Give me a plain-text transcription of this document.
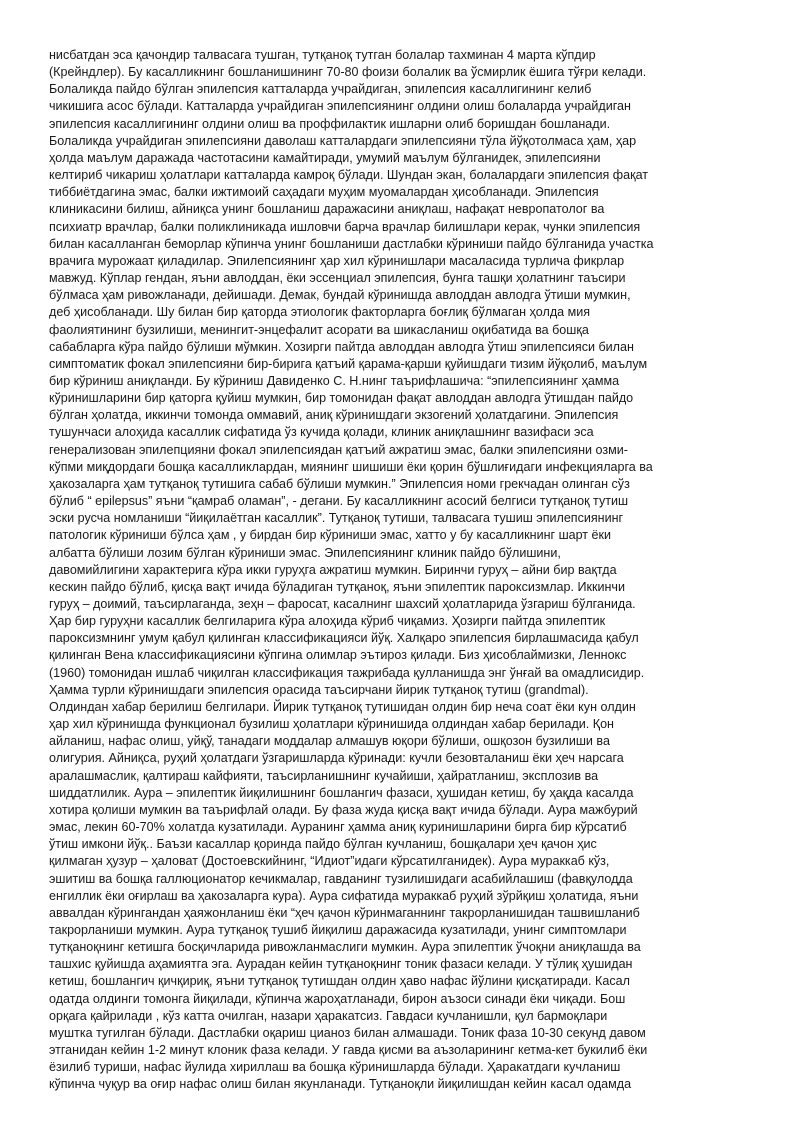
нисбатдан эса қачондир талвасага тушган, тутқаноқ тутган болалар тахминан 4 марта кўпдир
(Крейндлер). Бу касалликнинг бошланишининг 70-80 фоизи болалик ва ўсмирлик ёшига тўғри келади.
Болаликда пайдо бўлган эпилепсия катталарда учрайдиган, эпилепсия касаллигининг келиб
чикишига асос бўлади. Катталарда учрайдиган эпилепсиянинг олдини олиш болаларда учрайдиган
эпилепсия касаллигининг олдини олиш ва проффилактик ишларни олиб боришдан бошланади.
Болаликда учрайдиган эпилепсияни даволаш катталардаги эпилепсияни тўла йўқотолмаса ҳам, ҳар
ҳолда маълум даражада частотасини камайтиради, умумий маълум бўлганидек, эпилепсияни
келтириб чикариш ҳолатлари катталарда камроқ бўлади. Шундан экан, болалардаги эпилепсия фақат
тиббиётдагина эмас, балки ижтимоий саҳадаги муҳим муомалардан ҳисобланади. Эпилепсия
клиникасини билиш, айниқса унинг бошланиш даражасини аниқлаш, нафақат невропатолог ва
психиатр врачлар, балки поликлиникада ишловчи барча врачлар билишлари керак, чунки эпилепсия
билан касалланган беморлар кўпинча унинг бошланиши дастлабки кўриниши пайдо бўлганида участка
врачига мурожаат қиладилар. Эпилепсиянинг ҳар хил кўринишлари масаласида турлича фикрлар
мавжуд. Кўплар гендан, яъни авлоддан, ёки эссенциал эпилепсия, бунга ташқи ҳолатнинг таъсири
бўлмаса ҳам ривожланади, дейишади. Демак, бундай кўринишда авлоддан авлодга ўтиши мумкин,
деб ҳисобланади. Шу билан бир қаторда этиологик факторларга боғлиқ бўлмаган ҳолда мия
фаолиятининг бузилиши, менингит-энцефалит асорати ва шикасланиш оқибатида ва бошқа
сабабларга кўра пайдо бўлиши мўмкин. Хозирги пайтда авлоддан авлодга ўтиш эпилепсияси билан
симптоматик фокал эпилепсияни бир-бирига қатъий қарама-қарши қуйишдаги тизим йўқолиб, маълум
бир кўриниш аниқланди. Бу кўриниш Давиденко С. Н.нинг таърифлашича: “эпилепсиянинг ҳамма
кўринишларини бир қаторга қуйиш мумкин, бир томонидан фақат авлоддан авлодга ўтишдан пайдо
бўлган ҳолатда, иккинчи томонда оммавий, аниқ кўринишдаги экзогений ҳолатдагини. Эпилепсия
тушунчаси алоҳида касаллик сифатида ўз кучида қолади, клиник аниқлашнинг вазифаси эса
генерализован эпилепцияни фокал эпилепсиядан қатъий ажратиш эмас, балки эпилепсияни озми-
кўпми миқдордаги бошқа касалликлардан, миянинг шишиши ёки қорин бўшлиғидаги инфекцияларга ва
ҳакозаларга ҳам тутқаноқ тутишига сабаб бўлиши мумкин.” Эпилепсия номи грекчадан олинган сўз
бўлиб “ epilepsus” яъни “қамраб оламан”, - дегани. Бу касалликнинг асосий белгиси тутқаноқ тутиш
эски русча номланиши “йиқилаётган касаллик”. Тутқаноқ тутиши, талвасага тушиш эпилепсиянинг
патологик кўриниши бўлса ҳам , у бирдан бир кўриниши эмас, хатто у бу касалликнинг шарт ёки
албатта бўлиши лозим бўлган кўриниши эмас. Эпилепсиянинг клиник пайдо бўлишини,
давомийлигини характерига кўра икки гуруҳга ажратиш мумкин. Биринчи гуруҳ – айни бир вақтда
кескин пайдо бўлиб, қисқа вақт ичида бўладиган тутқаноқ, яъни эпилептик пароксизмлар. Иккинчи
гуруҳ – доимий, таъсирлаганда, зеҳн – фаросат, касалнинг шахсий ҳолатларида ўзгариш бўлганида.
Ҳар бир гуруҳни касаллик белгиларига кўра алоҳида кўриб чиқамиз. Ҳозирги пайтда эпилептик
пароксизмнинг умум қабул қилинган классификацияси йўқ. Халқаро эпилепсия бирлашмасида қабул
қилинган Вена классификациясини кўпгина олимлар эътироз қилади. Биз ҳисоблаймизки, Леннокс
(1960) томонидан ишлаб чиқилган классификация тажрибада қулланишда энг ўнғай ва омадлисидир.
Ҳамма турли кўринишдаги эпилепсия орасида таъсирчани йирик тутқаноқ тутиш (grandmal).
Олдиндан хабар берилиш белгилари. Йирик тутқаноқ тутишидан олдин бир неча соат ёки кун олдин
ҳар хил кўринишда функционал бузилиш ҳолатлари кўринишида олдиндан хабар берилади. Қон
айланиш, нафас олиш, уйқў, танадаги моддалар алмашув юқори бўлиши, ошқозон бузилиши ва
олигурия. Айниқса, руҳий ҳолатдаги ўзгаришларда кўринади: кучли безовталаниш ёки ҳеч нарсага
аралашмаслик, қалтираш кайфияти, таъсирланишнинг кучайиши, ҳайратланиш, эксплозив ва
шиддатлилик. Аура – эпилептик йиқилишнинг бошлангич фазаси, ҳушидан кетиш, бу ҳақда касалда
хотира қолиши мумкин ва таърифлай олади. Бу фаза жуда қисқа вақт ичида бўлади. Аура мажбурий
эмас, лекин 60-70% холатда кузатилади. Ауранинг ҳамма аниқ куринишларини бирга бир кўрсатиб
ўтиш имкони йўқ.. Баъзи касаллар қоринда пайдо бўлган кучланиш, бошқалари ҳеч қачон ҳис
қилмаган ҳузур – ҳаловат (Достоевскийнинг, “Идиот”идаги кўрсатилганидек). Аура мураккаб кўз,
эшитиш ва бошқа галлюционатор кечикмалар, гавданинг тузилишидаги асабийлашиш (фавқулодда
енгиллик ёки оғирлаш ва ҳакозаларга кура). Аура сифатида мураккаб руҳий зўрйқиш ҳолатида, яъни
аввалдан кўрингандан ҳаяжонланиш ёки “ҳеч қачон кўринмаганнинг такрорланишидан ташвишланиб
такрорланиши мумкин. Аура тутқаноқ тушиб йиқилиш даражасида кузатилади, унинг симптомлари
тутқаноқнинг кетишга босқичларида ривожланмаслиги мумкин. Аура эпилептик ўчоқни аниқлашда ва
ташхис қуйишда аҳамиятга эга. Аурадан кейин тутқаноқнинг тоник фазаси келади. У тўлиқ ҳушидан
кетиш, бошлангич қичқириқ, яъни тутқаноқ тутишдан олдин ҳаво нафас йўлини қисқатиради. Касал
одатда олдинги томонга йиқилади, кўпинча жароҳатланади, бирон аъзоси синади ёки чиқади. Бош
орқага қайрилади , кўз катта очилган, назари ҳаракатсиз. Гавдаси кучланишли, қул бармоқлари
муштка тугилган бўлади. Дастлабки оқариш цианоз билан алмашади. Тоник фаза 10-30 секунд давом
этганидан кейин 1-2 минут клоник фаза келади. У гавда қисми ва аъзоларининг кетма-кет букилиб ёки
ёзилиб туриши, нафас йулида хириллаш ва бошқа кўринишларда бўлади. Ҳаракатдаги кучланиш
кўпинча чуқур ва оғир нафас олиш билан якунланади. Тутқаноқли йиқилишдан кейин касал одамда
